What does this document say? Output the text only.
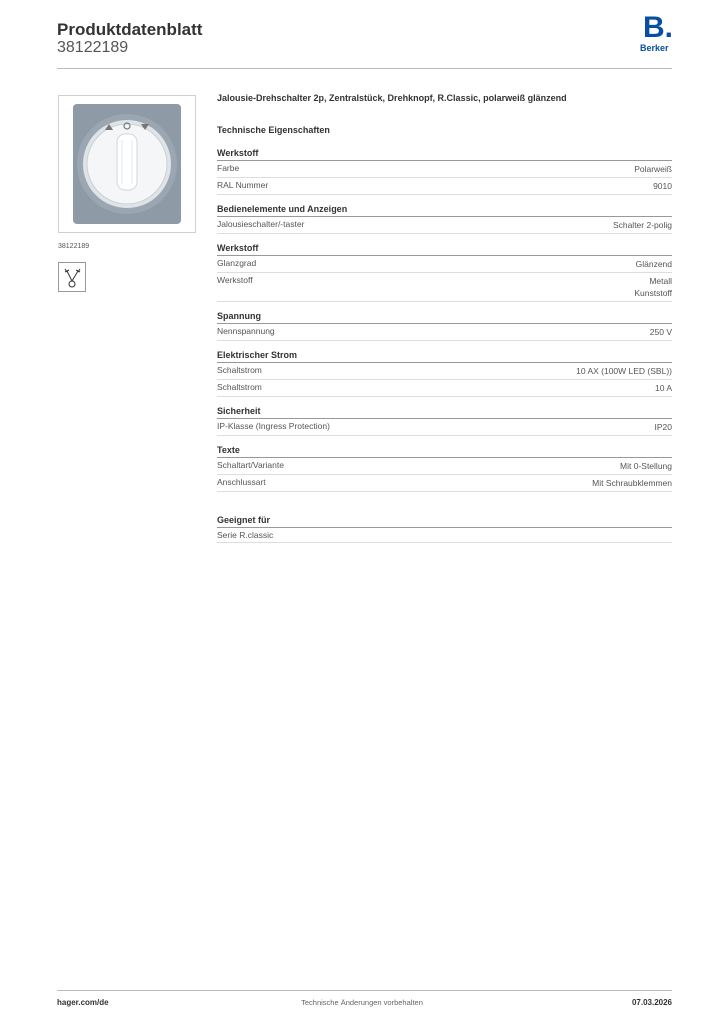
Produktdatenblatt
38122189
B.
Berker
38122189
Jalousie-Drehschalter 2p, Zentralstück, Drehknopf, R.Classic, polarweiß glänzend
Technische Eigenschaften
Werkstoff
Farbe	Polarweiß
RAL Nummer	9010
Bedienelemente und Anzeigen
Jalousieschalter/-taster	Schalter 2-polig
Werkstoff
Glanzgrad	Glänzend
Werkstoff	Metall
Kunststoff
Spannung
Nennspannung	250 V
Elektrischer Strom
Schaltstrom	10 AX (100W LED (SBL))
Schaltstrom	10 A
Sicherheit
IP-Klasse (Ingress Protection)	IP20
Texte
Schaltart/Variante	Mit 0-Stellung
Anschlussart	Mit Schraubklemmen
Geeignet für
Serie R.classic
hager.com/de	Technische Änderungen vorbehalten	07.03.2026
